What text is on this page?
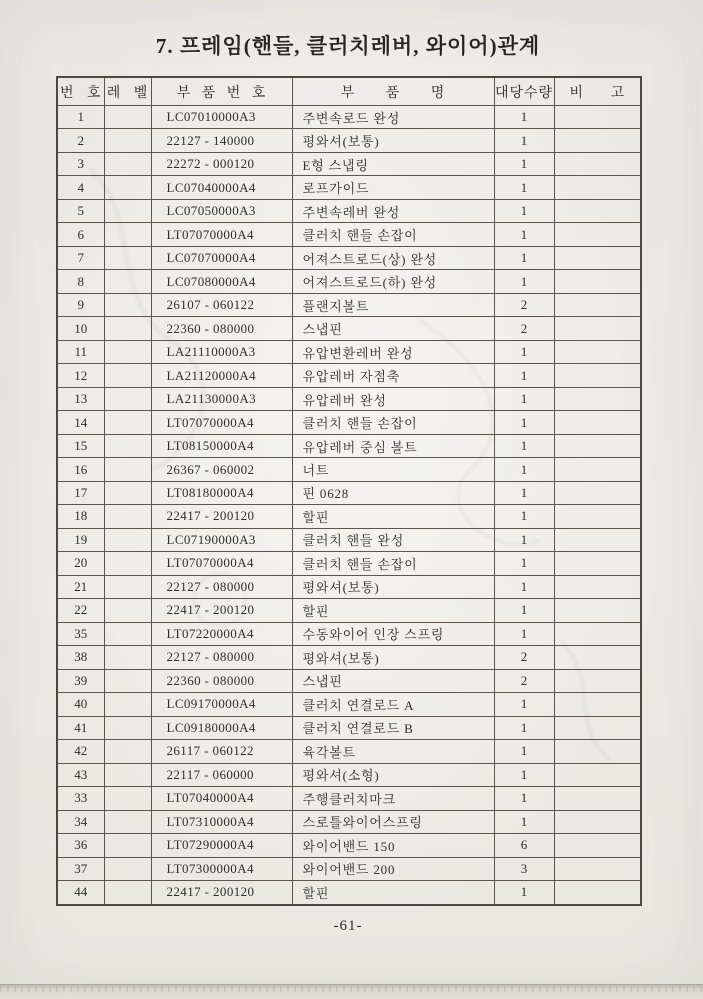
7. 프레임(핸들, 클러치레버, 와이어)관계
번 호	레 벨	부 품 번 호	부 품 명	대당수량	비 고
1		LC07010000A3	주변속로드 완성	1	
2		22127 - 140000	평와셔(보통)	1	
3		22272 - 000120	E형 스냅링	1	
4		LC07040000A4	로프가이드	1	
5		LC07050000A3	주변속레버 완성	1	
6		LT07070000A4	클러치 핸들 손잡이	1	
7		LC07070000A4	어져스트로드(상) 완성	1	
8		LC07080000A4	어져스트로드(하) 완성	1	
9		26107 - 060122	플랜지볼트	2	
10		22360 - 080000	스냅핀	2	
11		LA21110000A3	유압변환레버 완성	1	
12		LA21120000A4	유압레버 자점축	1	
13		LA21130000A3	유압레버 완성	1	
14		LT07070000A4	클러치 핸들 손잡이	1	
15		LT08150000A4	유압레버 중심 볼트	1	
16		26367 - 060002	너트	1	
17		LT08180000A4	핀 0628	1	
18		22417 - 200120	할핀	1	
19		LC07190000A3	클러치 핸들 완성	1	
20		LT07070000A4	클러치 핸들 손잡이	1	
21		22127 - 080000	평와셔(보통)	1	
22		22417 - 200120	할핀	1	
35		LT07220000A4	수동와이어 인장 스프링	1	
38		22127 - 080000	평와셔(보통)	2	
39		22360 - 080000	스냅핀	2	
40		LC09170000A4	클러치 연결로드 A	1	
41		LC09180000A4	클러치 연결로드 B	1	
42		26117 - 060122	육각볼트	1	
43		22117 - 060000	평와셔(소형)	1	
33		LT07040000A4	주행클러치마크	1	
34		LT07310000A4	스로틀와이어스프링	1	
36		LT07290000A4	와이어밴드 150	6	
37		LT07300000A4	와이어밴드 200	3	
44		22417 - 200120	할핀	1	
-61-
